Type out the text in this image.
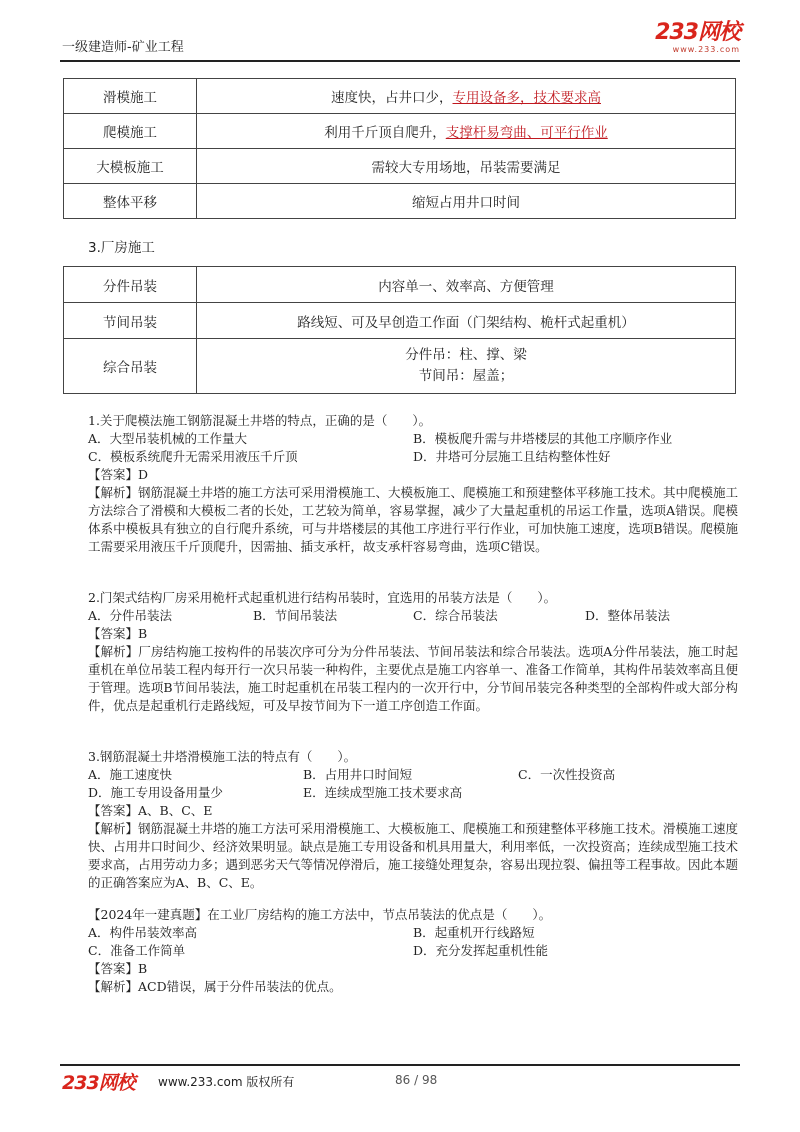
一级建造师-矿业工程
233网校
www.233.com
滑模施工	速度快，占井口少，专用设备多，技术要求高
爬模施工	利用千斤顶自爬升，支撑杆易弯曲、可平行作业
大模板施工	需较大专用场地，吊装需要满足
整体平移	缩短占用井口时间
3.厂房施工
分件吊装	内容单一、效率高、方便管理
节间吊装	路线短、可及早创造工作面（门架结构、桅杆式起重机）
综合吊装	分件吊：柱、撑、梁
节间吊：屋盖；
1.关于爬模法施工钢筋混凝土井塔的特点，正确的是（　　）。
A．大型吊装机械的工作量大	B．模板爬升需与井塔楼层的其他工序顺序作业
C．模板系统爬升无需采用液压千斤顶	D．井塔可分层施工且结构整体性好
【答案】D
【解析】钢筋混凝土井塔的施工方法可采用滑模施工、大模板施工、爬模施工和预建整体平移施工技术。其中爬模施工方法综合了滑模和大模板二者的长处，工艺较为简单，容易掌握，减少了大量起重机的吊运工作量，选项A错误。爬模体系中模板具有独立的自行爬升系统，可与井塔楼层的其他工序进行平行作业，可加快施工速度，选项B错误。爬模施工需要采用液压千斤顶爬升，因需抽、插支承杆，故支承杆容易弯曲，选项C错误。
2.门架式结构厂房采用桅杆式起重机进行结构吊装时，宜选用的吊装方法是（　　）。
A．分件吊装法	B．节间吊装法	C．综合吊装法	D．整体吊装法
【答案】B
【解析】厂房结构施工按构件的吊装次序可分为分件吊装法、节间吊装法和综合吊装法。选项A分件吊装法，施工时起重机在单位吊装工程内每开行一次只吊装一种构件，主要优点是施工内容单一、准备工作简单，其构件吊装效率高且便于管理。选项B节间吊装法，施工时起重机在吊装工程内的一次开行中，分节间吊装完各种类型的全部构件或大部分构件，优点是起重机行走路线短，可及早按节间为下一道工序创造工作面。
3.钢筋混凝土井塔滑模施工法的特点有（　　）。
A．施工速度快	B．占用井口时间短	C．一次性投资高
D．施工专用设备用量少	E．连续成型施工技术要求高
【答案】A、B、C、E
【解析】钢筋混凝土井塔的施工方法可采用滑模施工、大模板施工、爬模施工和预建整体平移施工技术。滑模施工速度快、占用井口时间少、经济效果明显。缺点是施工专用设备和机具用量大，利用率低，一次投资高；连续成型施工技术要求高，占用劳动力多；遇到恶劣天气等情况停滑后，施工接缝处理复杂，容易出现拉裂、偏扭等工程事故。因此本题的正确答案应为A、B、C、E。
【2024年一建真题】在工业厂房结构的施工方法中，节点吊装法的优点是（　　）。
A．构件吊装效率高	B．起重机开行线路短
C．准备工作简单	D．充分发挥起重机性能
【答案】B
【解析】ACD错误，属于分件吊装法的优点。
233网校 www.233.com 版权所有	86 / 98
